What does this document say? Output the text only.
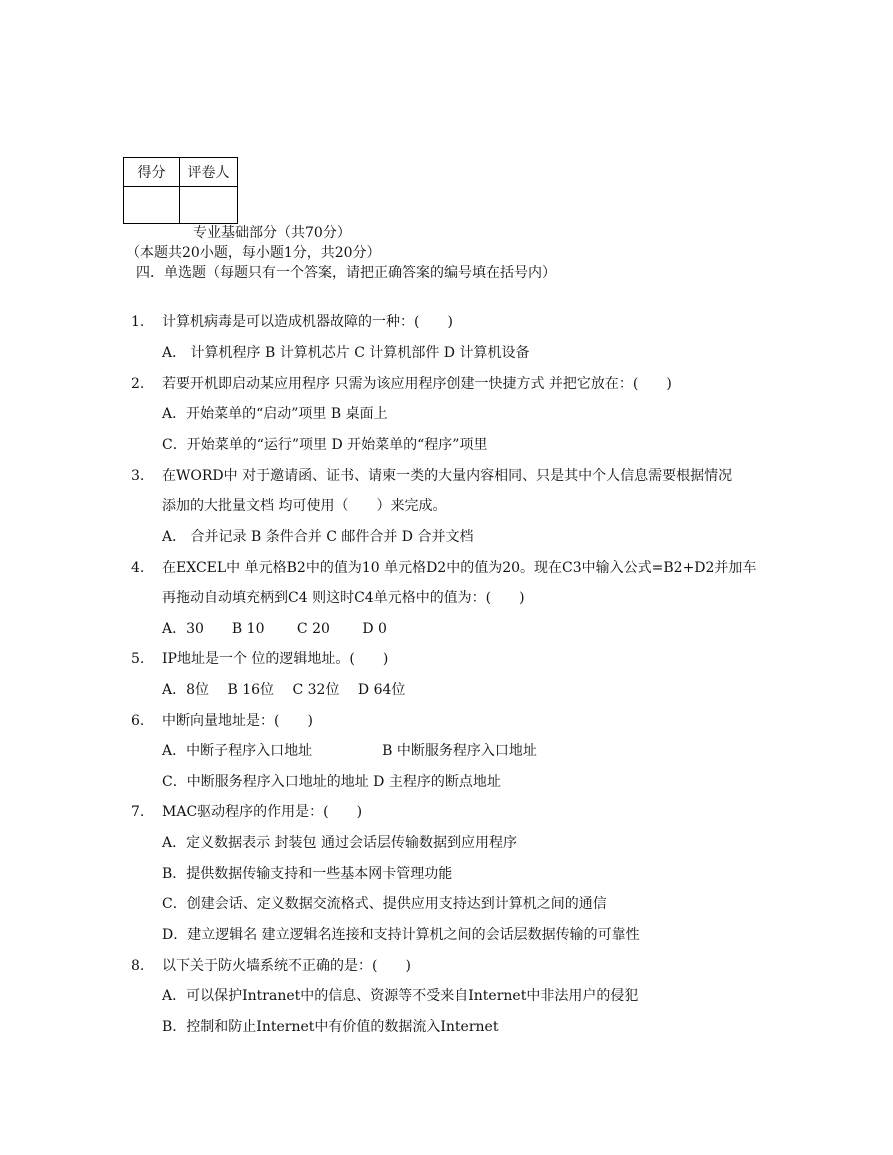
得分	评卷人

专业基础部分（共70分）
（本题共20小题，每小题1分，共20分）
四．单选题（每题只有一个答案，请把正确答案的编号填在括号内）
1. 计算机病毒是可以造成机器故障的一种：(　　)
A． 计算机程序 B 计算机芯片 C 计算机部件 D 计算机设备
2. 若要开机即启动某应用程序 只需为该应用程序创建一快捷方式 并把它放在：(　　)
A．开始菜单的“启动”项里 B 桌面上
C．开始菜单的“运行”项里 D 开始菜单的“程序”项里
3. 在WORD中 对于邀请函、证书、请柬一类的大量内容相同、只是其中个人信息需要根据情况
添加的大批量文档 均可使用（　　）来完成。
A． 合并记录 B 条件合并 C 邮件合并 D 合并文档
4. 在EXCEL中 单元格B2中的值为10 单元格D2中的值为20。现在C3中输入公式=B2+D2并加车
再拖动自动填充柄到C4 则这时C4单元格中的值为：(　　)
A．30  B 10   C 20   D 0
5. IP地址是一个 位的逻辑地址。(　　)
A．8位  B 16位  C 32位  D 64位
6. 中断向量地址是：(　　)
A．中断子程序入口地址     B 中断服务程序入口地址
C．中断服务程序入口地址的地址 D 主程序的断点地址
7. MAC驱动程序的作用是：(　　)
A．定义数据表示 封装包 通过会话层传输数据到应用程序
B．提供数据传输支持和一些基本网卡管理功能
C．创建会话、定义数据交流格式、提供应用支持达到计算机之间的通信
D．建立逻辑名 建立逻辑名连接和支持计算机之间的会话层数据传输的可靠性
8. 以下关于防火墙系统不正确的是：(　　)
A．可以保护Intranet中的信息、资源等不受来自Internet中非法用户的侵犯
B．控制和防止Internet中有价值的数据流入Internet
